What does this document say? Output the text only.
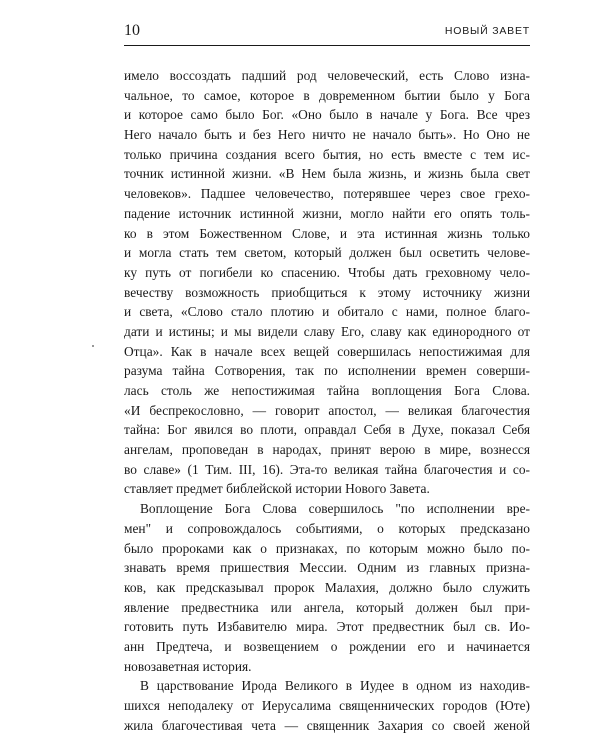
10	НОВЫЙ ЗАВЕТ
имело воссоздать падший род человеческий, есть Слово изна-
чальное, то самое, которое в довременном бытии было у Бога
и которое само было Бог. «Оно было в начале у Бога. Все чрез
Него начало быть и без Него ничто не начало быть». Но Оно не
только причина создания всего бытия, но есть вместе с тем ис-
точник истинной жизни. «В Нем была жизнь, и жизнь была свет
человеков». Падшее человечество, потерявшее через свое грехо-
падение источник истинной жизни, могло найти его опять толь-
ко в этом Божественном Слове, и эта истинная жизнь только
и могла стать тем светом, который должен был осветить челове-
ку путь от погибели ко спасению. Чтобы дать греховному чело-
вечеству возможность приобщиться к этому источнику жизни
и света, «Слово стало плотию и обитало с нами, полное благо-
дати и истины; и мы видели славу Его, славу как единородного от
Отца». Как в начале всех вещей совершилась непостижимая для
разума тайна Сотворения, так по исполнении времен соверши-
лась столь же непостижимая тайна воплощения Бога Слова.
«И беспрекословно, — говорит апостол, — великая благочестия
тайна: Бог явился во плоти, оправдал Себя в Духе, показал Себя
ангелам, проповедан в народах, принят верою в мире, вознесся
во славе» (1 Тим. III, 16). Эта-то великая тайна благочестия и со-
ставляет предмет библейской истории Нового Завета.
Воплощение Бога Слова совершилось "по исполнении вре-
мен" и сопровождалось событиями, о которых предсказано
было пророками как о признаках, по которым можно было по-
знавать время пришествия Мессии. Одним из главных призна-
ков, как предсказывал пророк Малахия, должно было служить
явление предвестника или ангела, который должен был при-
готовить путь Избавителю мира. Этот предвестник был св. Ио-
анн Предтеча, и возвещением о рождении его и начинается
новозаветная история.
В царствование Ирода Великого в Иудее в одном из находив-
шихся неподалеку от Иерусалима священнических городов (Юте)
жила благочестивая чета — священник Захария со своей женой
